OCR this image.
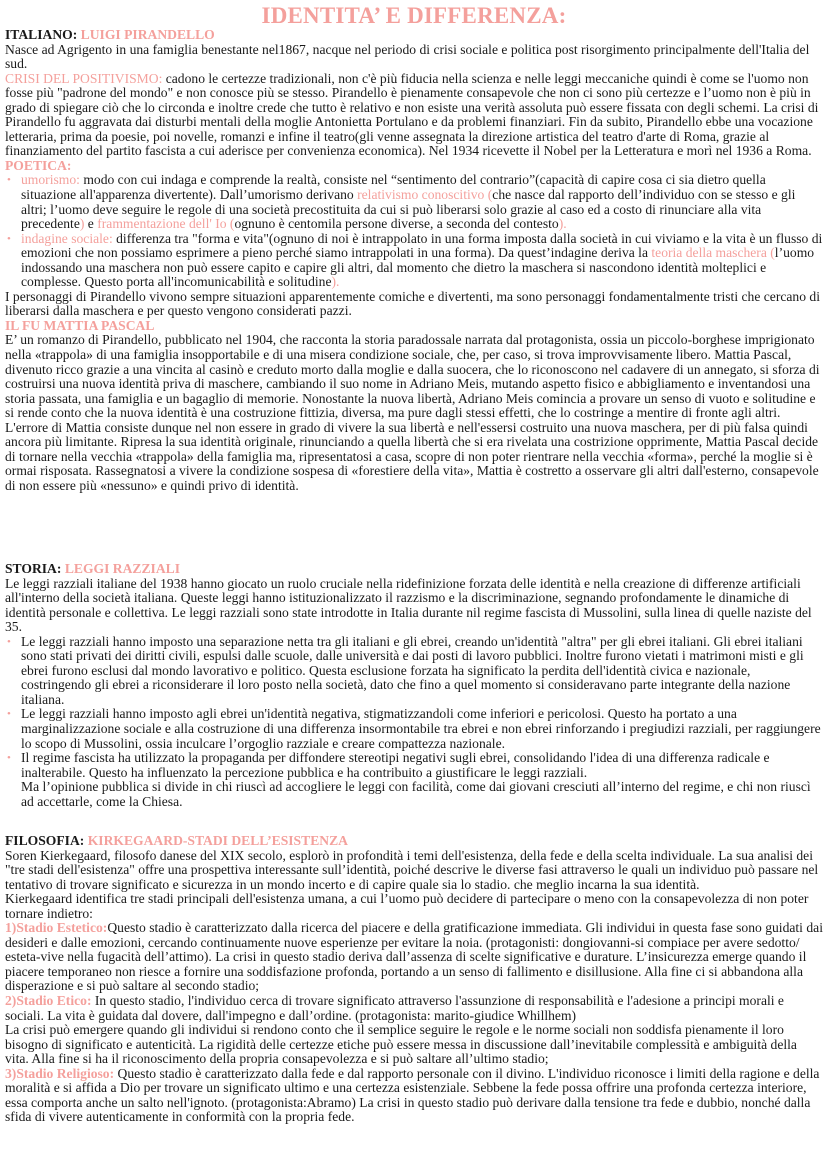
IDENTITA’ E DIFFERENZA:
ITALIANO: LUIGI PIRANDELLO

Nasce ad Agrigento in una famiglia benestante nel1867, nacque nel periodo di crisi sociale e politica post risorgimento principalmente dell'Italia del sud.

CRISI DEL POSITIVISMO: cadono le certezze tradizionali, non c'è più fiducia nella scienza e nelle leggi meccaniche quindi è come se l'uomo non fosse più "padrone del mondo" e non conosce più se stesso. Pirandello è pienamente consapevole che non ci sono più certezze e l’uomo non è più in grado di spiegare ciò che lo circonda e inoltre crede che tutto è relativo e non esiste una verità assoluta può essere fissata con degli schemi. La crisi di Pirandello fu aggravata dai disturbi mentali della moglie Antonietta Portulano e da problemi finanziari. Fin da subito, Pirandello ebbe una vocazione letteraria, prima da poesie, poi novelle, romanzi e infine il teatro(gli venne assegnata la direzione artistica del teatro d'arte di Roma, grazie al finanziamento del partito fascista a cui aderisce per convenienza economica). Nel 1934 ricevette il Nobel per la Letteratura e morì nel 1936 a Roma.

POETICA:

• umorismo: modo con cui indaga e comprende la realtà, consiste nel “sentimento del contrario”(capacità di capire cosa ci sia dietro quella situazione all'apparenza divertente). Dall’umorismo derivano relativismo conoscitivo (che nasce dal rapporto dell’individuo con se stesso e gli altri; l’uomo deve seguire le regole di una società precostituita da cui si può liberarsi solo grazie al caso ed a costo di rinunciare alla vita precedente) e frammentazione dell' Io (ognuno è centomila persone diverse, a seconda del contesto).

• indagine sociale: differenza tra "forma e vita"(ognuno di noi è intrappolato in una forma imposta dalla società in cui viviamo e la vita è un flusso di emozioni che non possiamo esprimere a pieno perché siamo intrappolati in una forma). Da quest’indagine deriva la teoria della maschera (l’uomo indossando una maschera non può essere capito e capire gli altri, dal momento che dietro la maschera si nascondono identità molteplici e complesse. Questo porta all'incomunicabilità e solitudine).

I personaggi di Pirandello vivono sempre situazioni apparentemente comiche e divertenti, ma sono personaggi fondamentalmente tristi che cercano di liberarsi dalla maschera e per questo vengono considerati pazzi.

IL FU MATTIA PASCAL

E’ un romanzo di Pirandello, pubblicato nel 1904, che racconta la storia paradossale narrata dal protagonista, ossia un piccolo-borghese imprigionato nella «trappola» di una famiglia insopportabile e di una misera condizione sociale, che, per caso, si trova improvvisamente libero. Mattia Pascal, divenuto ricco grazie a una vincita al casinò e creduto morto dalla moglie e dalla suocera, che lo riconoscono nel cadavere di un annegato, si sforza di costruirsi una nuova identità priva di maschere, cambiando il suo nome in Adriano Meis, mutando aspetto fisico e abbigliamento e inventandosi una storia passata, una famiglia e un bagaglio di memorie. Nonostante la nuova libertà, Adriano Meis comincia a provare un senso di vuoto e solitudine e si rende conto che la nuova identità è una costruzione fittizia, diversa, ma pure dagli stessi effetti, che lo costringe a mentire di fronte agli altri. L'errore di Mattia consiste dunque nel non essere in grado di vivere la sua libertà e nell'essersi costruito una nuova maschera, per di più falsa quindi ancora più limitante. Ripresa la sua identità originale, rinunciando a quella libertà che si era rivelata una costrizione opprimente, Mattia Pascal decide di tornare nella vecchia «trappola» della famiglia ma, ripresentatosi a casa, scopre di non poter rientrare nella vecchia «forma», perché la moglie si è ormai risposata. Rassegnatosi a vivere la condizione sospesa di «forestiere della vita», Mattia è costretto a osservare gli altri dall'esterno, consapevole di non essere più «nessuno» e quindi privo di identità.

STORIA: LEGGI RAZZIALI

Le leggi razziali italiane del 1938 hanno giocato un ruolo cruciale nella ridefinizione forzata delle identità e nella creazione di differenze artificiali all'interno della società italiana. Queste leggi hanno istituzionalizzato il razzismo e la discriminazione, segnando profondamente le dinamiche di identità personale e collettiva. Le leggi razziali sono state introdotte in Italia durante nil regime fascista di Mussolini, sulla linea di quelle naziste del 35.

• Le leggi razziali hanno imposto una separazione netta tra gli italiani e gli ebrei, creando un'identità "altra" per gli ebrei italiani. Gli ebrei italiani sono stati privati dei diritti civili, espulsi dalle scuole, dalle università e dai posti di lavoro pubblici. Inoltre furono vietati i matrimoni misti e gli ebrei furono esclusi dal mondo lavorativo e politico. Questa esclusione forzata ha significato la perdita dell'identità civica e nazionale, costringendo gli ebrei a riconsiderare il loro posto nella società, dato che fino a quel momento si consideravano parte integrante della nazione italiana.

• Le leggi razziali hanno imposto agli ebrei un'identità negativa, stigmatizzandoli come inferiori e pericolosi. Questo ha portato a una marginalizzazione sociale e alla costruzione di una differenza insormontabile tra ebrei e non ebrei rinforzando i pregiudizi razziali, per raggiungere lo scopo di Mussolini, ossia inculcare l’orgoglio razziale e creare compattezza nazionale.

• Il regime fascista ha utilizzato la propaganda per diffondere stereotipi negativi sugli ebrei, consolidando l'idea di una differenza radicale e inalterabile. Questo ha influenzato la percezione pubblica e ha contribuito a giustificare le leggi razziali.

Ma l’opinione pubblica si divide in chi riuscì ad accogliere le leggi con facilità, come dai giovani cresciuti all’interno del regime, e chi non riuscì ad accettarle, come la Chiesa.

FILOSOFIA: KIRKEGAARD-STADI DELL’ESISTENZA

Soren Kierkegaard, filosofo danese del XIX secolo, esplorò in profondità i temi dell'esistenza, della fede e della scelta individuale. La sua analisi dei "tre stadi dell'esistenza" offre una prospettiva interessante sull’identità, poiché descrive le diverse fasi attraverso le quali un individuo può passare nel tentativo di trovare significato e sicurezza in un mondo incerto e di capire quale sia lo stadio. che meglio incarna la sua identità.

Kierkegaard identifica tre stadi principali dell'esistenza umana, a cui l’uomo può decidere di partecipare o meno con la consapevolezza di non poter tornare indietro:

1)Stadio Estetico:Questo stadio è caratterizzato dalla ricerca del piacere e della gratificazione immediata. Gli individui in questa fase sono guidati dai desideri e dalle emozioni, cercando continuamente nuove esperienze per evitare la noia. (protagonisti: dongiovanni-si compiace per avere sedotto/ esteta-vive nella fugacità dell’attimo). La crisi in questo stadio deriva dall’assenza di scelte significative e durature. L’insicurezza emerge quando il piacere temporaneo non riesce a fornire una soddisfazione profonda, portando a un senso di fallimento e disillusione. Alla fine ci si abbandona alla disperazione e si può saltare al secondo stadio;

2)Stadio Etico: In questo stadio, l'individuo cerca di trovare significato attraverso l'assunzione di responsabilità e l'adesione a principi morali e sociali. La vita è guidata dal dovere, dall'impegno e dall’ordine. (protagonista: marito-giudice Whillhem)

La crisi può emergere quando gli individui si rendono conto che il semplice seguire le regole e le norme sociali non soddisfa pienamente il loro bisogno di significato e autenticità. La rigidità delle certezze etiche può essere messa in discussione dall’inevitabile complessità e ambiguità della vita. Alla fine si ha il riconoscimento della propria consapevolezza e si può saltare all’ultimo stadio;

3)Stadio Religioso: Questo stadio è caratterizzato dalla fede e dal rapporto personale con il divino. L'individuo riconosce i limiti della ragione e della moralità e si affida a Dio per trovare un significato ultimo e una certezza esistenziale. Sebbene la fede possa offrire una profonda certezza interiore, essa comporta anche un salto nell'ignoto. (protagonista:Abramo) La crisi in questo stadio può derivare dalla tensione tra fede e dubbio, nonché dalla sfida di vivere autenticamente in conformità con la propria fede.
